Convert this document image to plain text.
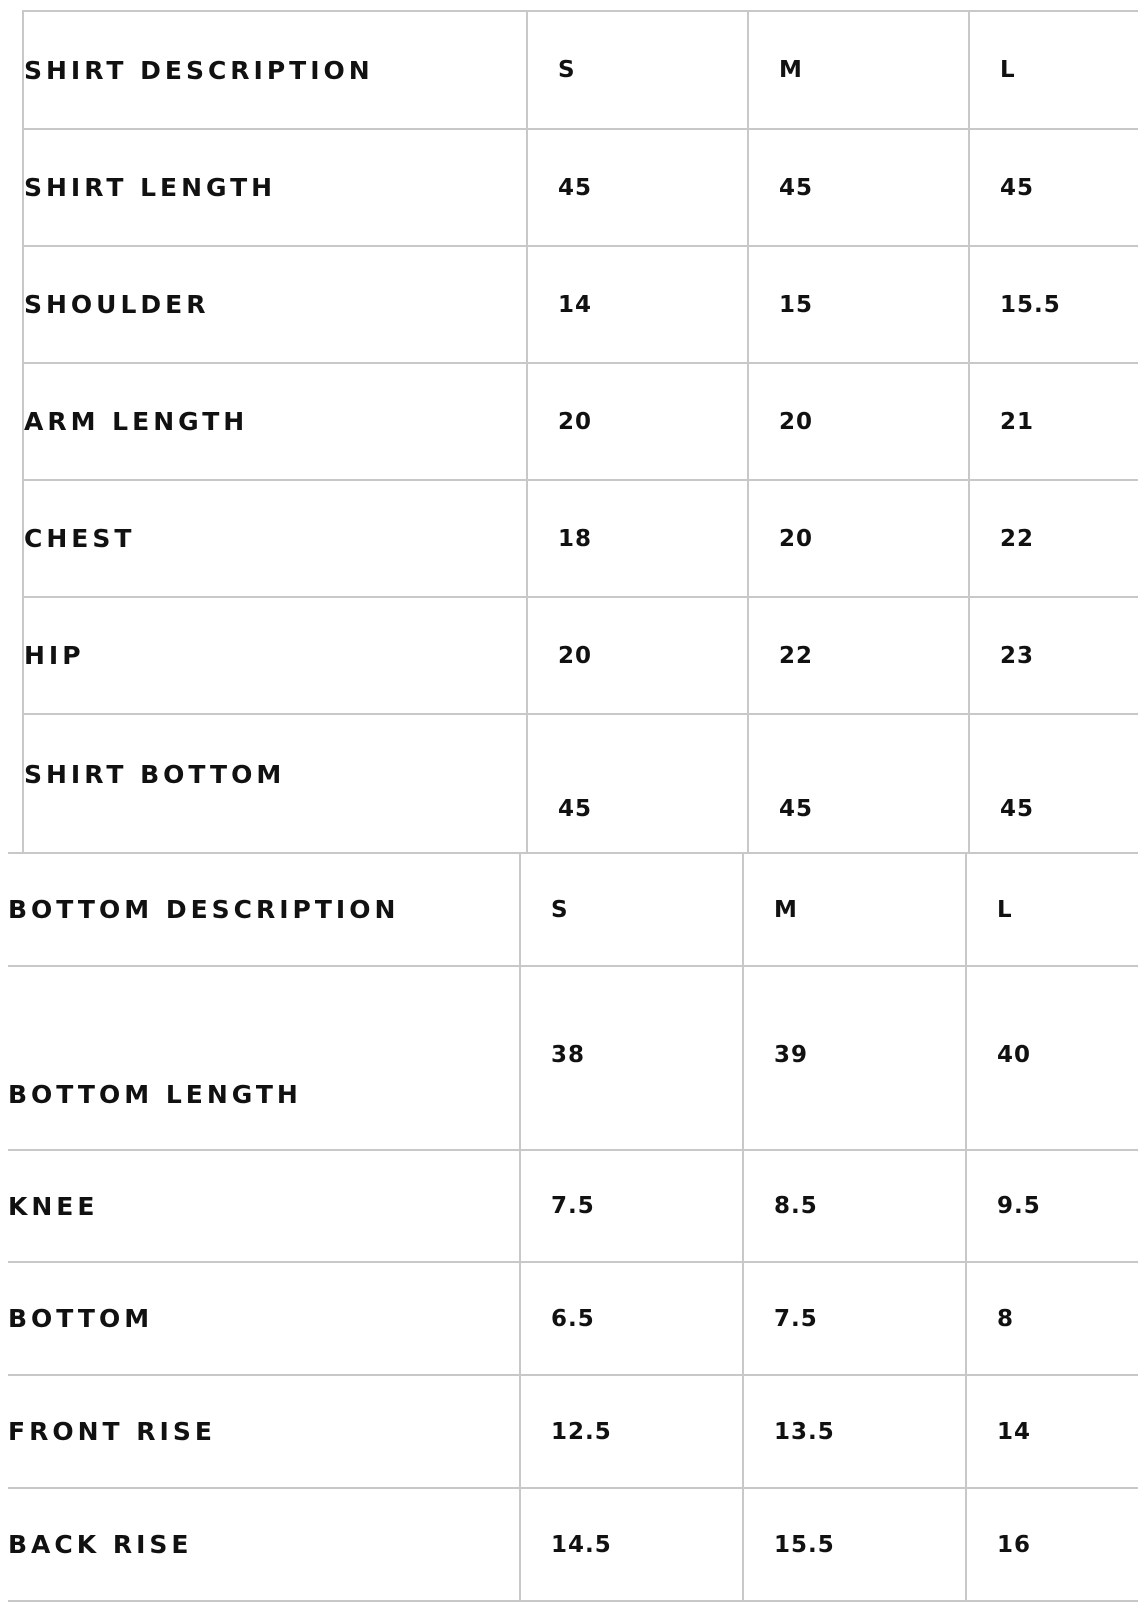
SHIRT DESCRIPTION	S	M	L
SHIRT LENGTH	45	45	45
SHOULDER	14	15	15.5
ARM LENGTH	20	20	21
CHEST	18	20	22
HIP	20	22	23
SHIRT BOTTOM	45	45	45
BOTTOM DESCRIPTION	S	M	L
BOTTOM LENGTH	38	39	40
KNEE	7.5	8.5	9.5
BOTTOM	6.5	7.5	8
FRONT RISE	12.5	13.5	14
BACK RISE	14.5	15.5	16
